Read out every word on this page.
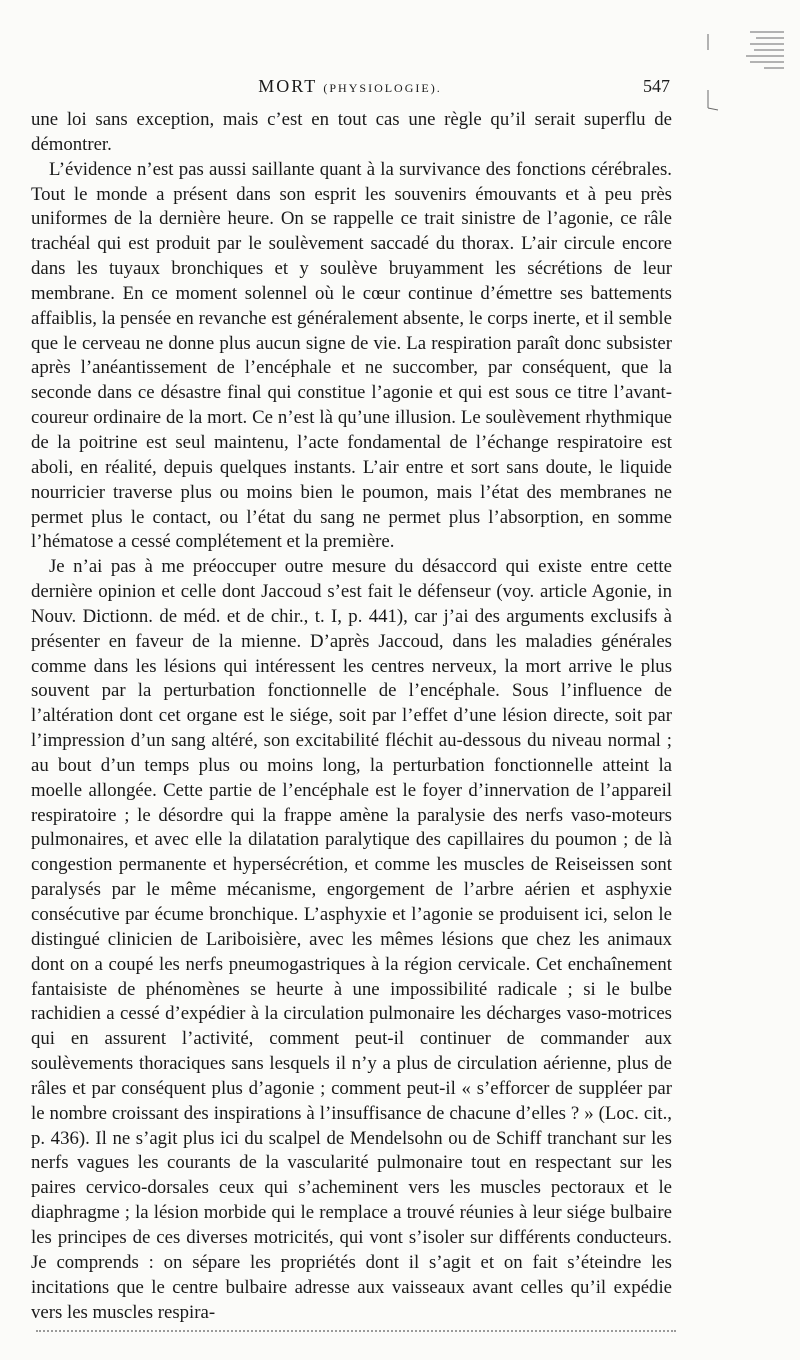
MORT (PHYSIOLOGIE).	547

une loi sans exception, mais c’est en tout cas une règle qu’il serait superflu de démontrer.

L’évidence n’est pas aussi saillante quant à la survivance des fonctions cérébrales. Tout le monde a présent dans son esprit les souvenirs émouvants et à peu près uniformes de la dernière heure. On se rappelle ce trait sinistre de l’agonie, ce râle trachéal qui est produit par le soulèvement saccadé du thorax. L’air circule encore dans les tuyaux bronchiques et y soulève bruyamment les sécrétions de leur membrane. En ce moment solennel où le cœur continue d’émettre ses battements affaiblis, la pensée en revanche est généralement absente, le corps inerte, et il semble que le cerveau ne donne plus aucun signe de vie. La respiration paraît donc subsister après l’anéantissement de l’encéphale et ne succomber, par conséquent, que la seconde dans ce désastre final qui constitue l’agonie et qui est sous ce titre l’avant-coureur ordinaire de la mort. Ce n’est là qu’une illusion. Le soulèvement rhythmique de la poitrine est seul maintenu, l’acte fondamental de l’échange respiratoire est aboli, en réalité, depuis quelques instants. L’air entre et sort sans doute, le liquide nourricier traverse plus ou moins bien le poumon, mais l’état des membranes ne permet plus le contact, ou l’état du sang ne permet plus l’absorption, en somme l’hématose a cessé complétement et la première.

Je n’ai pas à me préoccuper outre mesure du désaccord qui existe entre cette dernière opinion et celle dont Jaccoud s’est fait le défenseur (voy. article Agonie, in Nouv. Dictionn. de méd. et de chir., t. I, p. 441), car j’ai des arguments exclusifs à présenter en faveur de la mienne. D’après Jaccoud, dans les maladies générales comme dans les lésions qui intéressent les centres nerveux, la mort arrive le plus souvent par la perturbation fonctionnelle de l’encéphale. Sous l’influence de l’altération dont cet organe est le siége, soit par l’effet d’une lésion directe, soit par l’impression d’un sang altéré, son excitabilité fléchit au-dessous du niveau normal ; au bout d’un temps plus ou moins long, la perturbation fonctionnelle atteint la moelle allongée. Cette partie de l’encéphale est le foyer d’innervation de l’appareil respiratoire ; le désordre qui la frappe amène la paralysie des nerfs vaso-moteurs pulmonaires, et avec elle la dilatation paralytique des capillaires du poumon ; de là congestion permanente et hypersécrétion, et comme les muscles de Reiseissen sont paralysés par le même mécanisme, engorgement de l’arbre aérien et asphyxie consécutive par écume bronchique. L’asphyxie et l’agonie se produisent ici, selon le distingué clinicien de Lariboisière, avec les mêmes lésions que chez les animaux dont on a coupé les nerfs pneumogastriques à la région cervicale. Cet enchaînement fantaisiste de phénomènes se heurte à une impossibilité radicale ; si le bulbe rachidien a cessé d’expédier à la circulation pulmonaire les décharges vaso-motrices qui en assurent l’activité, comment peut-il continuer de commander aux soulèvements thoraciques sans lesquels il n’y a plus de circulation aérienne, plus de râles et par conséquent plus d’agonie ; comment peut-il « s’efforcer de suppléer par le nombre croissant des inspirations à l’insuffisance de chacune d’elles ? » (Loc. cit., p. 436). Il ne s’agit plus ici du scalpel de Mendelsohn ou de Schiff tranchant sur les nerfs vagues les courants de la vascularité pulmonaire tout en respectant sur les paires cervico-dorsales ceux qui s’acheminent vers les muscles pectoraux et le diaphragme ; la lésion morbide qui le remplace a trouvé réunies à leur siége bulbaire les principes de ces diverses motricités, qui vont s’isoler sur différents conducteurs. Je comprends : on sépare les propriétés dont il s’agit et on fait s’éteindre les incitations que le centre bulbaire adresse aux vaisseaux avant celles qu’il expédie vers les muscles respira-
